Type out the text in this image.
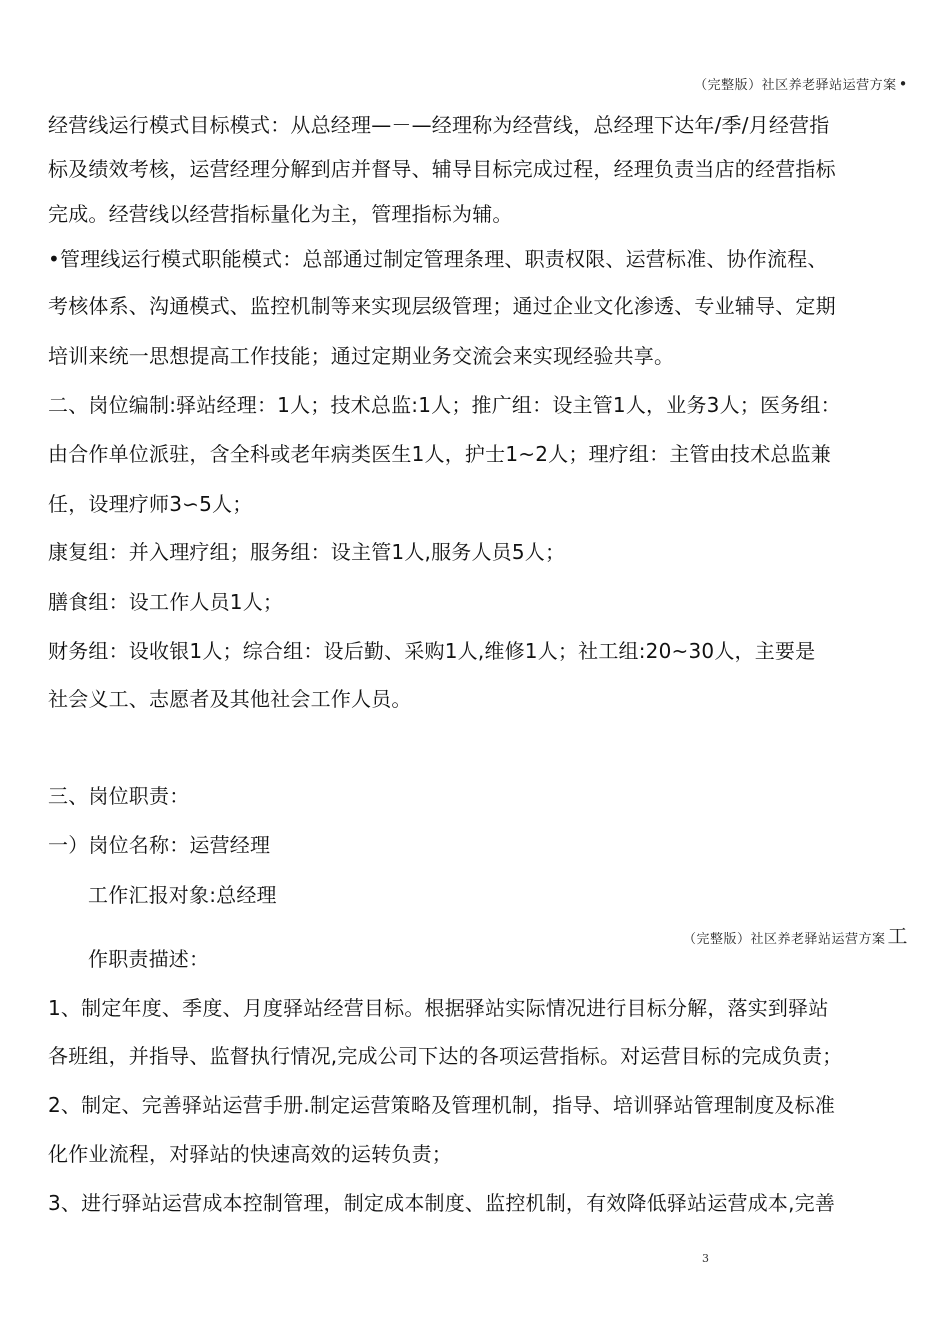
（完整版）社区养老驿站运营方案 •
经营线运行模式目标模式：从总经理—－—经理称为经营线，总经理下达年/季/月经营指
标及绩效考核，运营经理分解到店并督导、辅导目标完成过程，经理负责当店的经营指标
完成。经营线以经营指标量化为主，管理指标为辅。
•管理线运行模式职能模式：总部通过制定管理条理、职责权限、运营标准、协作流程、
考核体系、沟通模式、监控机制等来实现层级管理；通过企业文化渗透、专业辅导、定期
培训来统一思想提高工作技能；通过定期业务交流会来实现经验共享。
二、岗位编制:驿站经理：1人；技术总监:1人；推广组：设主管1人，业务3人；医务组：
由合作单位派驻，含全科或老年病类医生1人，护士1~2人；理疗组：主管由技术总监兼
任，设理疗师3∽5人；
康复组：并入理疗组；服务组：设主管1人,服务人员5人；
膳食组：设工作人员1人；
财务组：设收银1人；综合组：设后勤、采购1人,维修1人；社工组:20~30人，主要是
社会义工、志愿者及其他社会工作人员。
三、岗位职责：
一）岗位名称：运营经理
工作汇报对象:总经理
（完整版）社区养老驿站运营方案 工
作职责描述：
1、制定年度、季度、月度驿站经营目标。根据驿站实际情况进行目标分解，落实到驿站
各班组，并指导、监督执行情况,完成公司下达的各项运营指标。对运营目标的完成负责；
2、制定、完善驿站运营手册.制定运营策略及管理机制，指导、培训驿站管理制度及标准
化作业流程，对驿站的快速高效的运转负责；
3、进行驿站运营成本控制管理，制定成本制度、监控机制，有效降低驿站运营成本,完善
3
